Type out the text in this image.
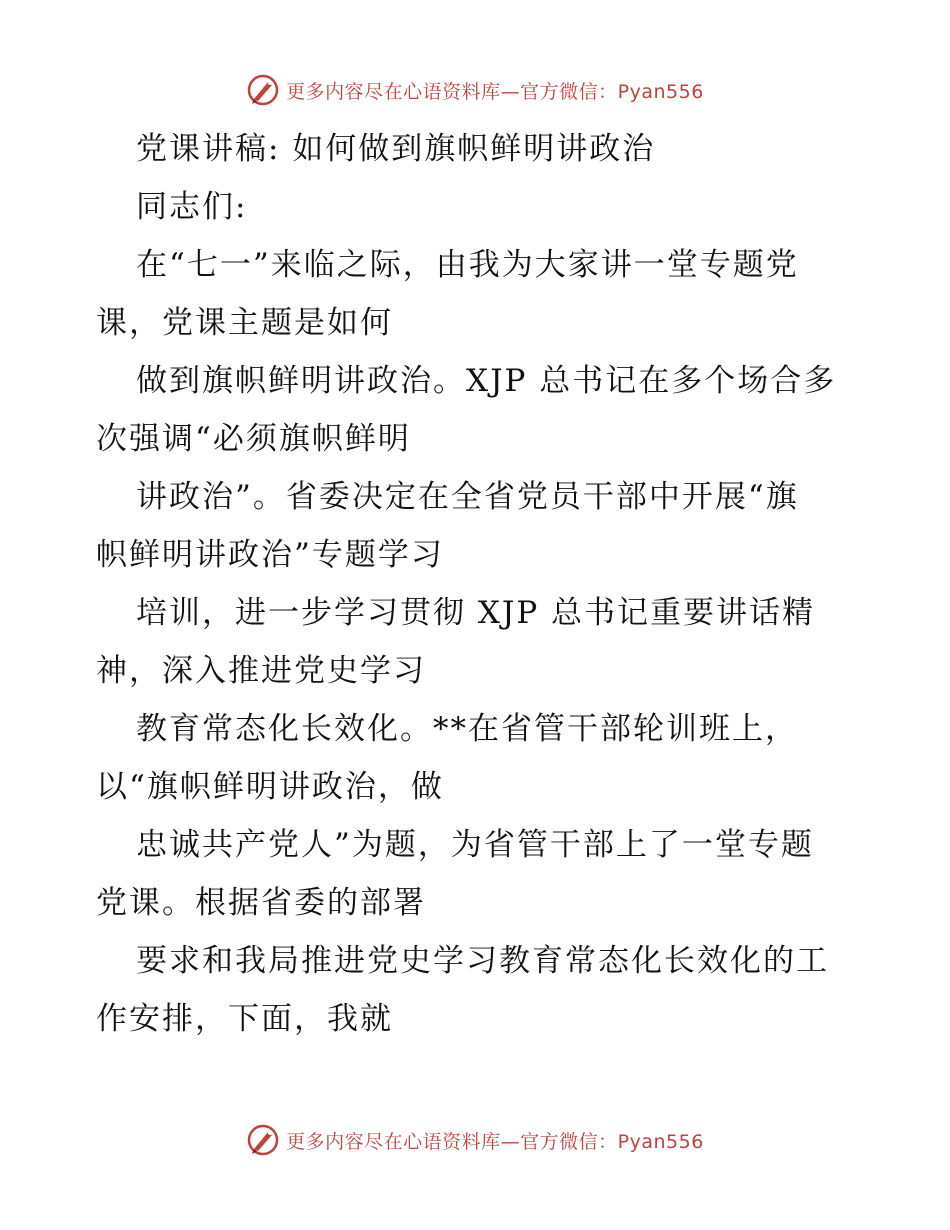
更多内容尽在心语资料库—官方微信：Pyan556
党课讲稿: 如何做到旗帜鲜明讲政治
同志们:
在“七一”来临之际，由我为大家讲一堂专题党
课，党课主题是如何
做到旗帜鲜明讲政治。XJP 总书记在多个场合多
次强调“必须旗帜鲜明
讲政治”。省委决定在全省党员干部中开展“旗
帜鲜明讲政治”专题学习
培训，进一步学习贯彻 XJP 总书记重要讲话精
神，深入推进党史学习
教育常态化长效化。**在省管干部轮训班上，
以“旗帜鲜明讲政治，做
忠诚共产党人”为题，为省管干部上了一堂专题
党课。根据省委的部署
要求和我局推进党史学习教育常态化长效化的工
作安排，下面，我就
更多内容尽在心语资料库—官方微信：Pyan556
